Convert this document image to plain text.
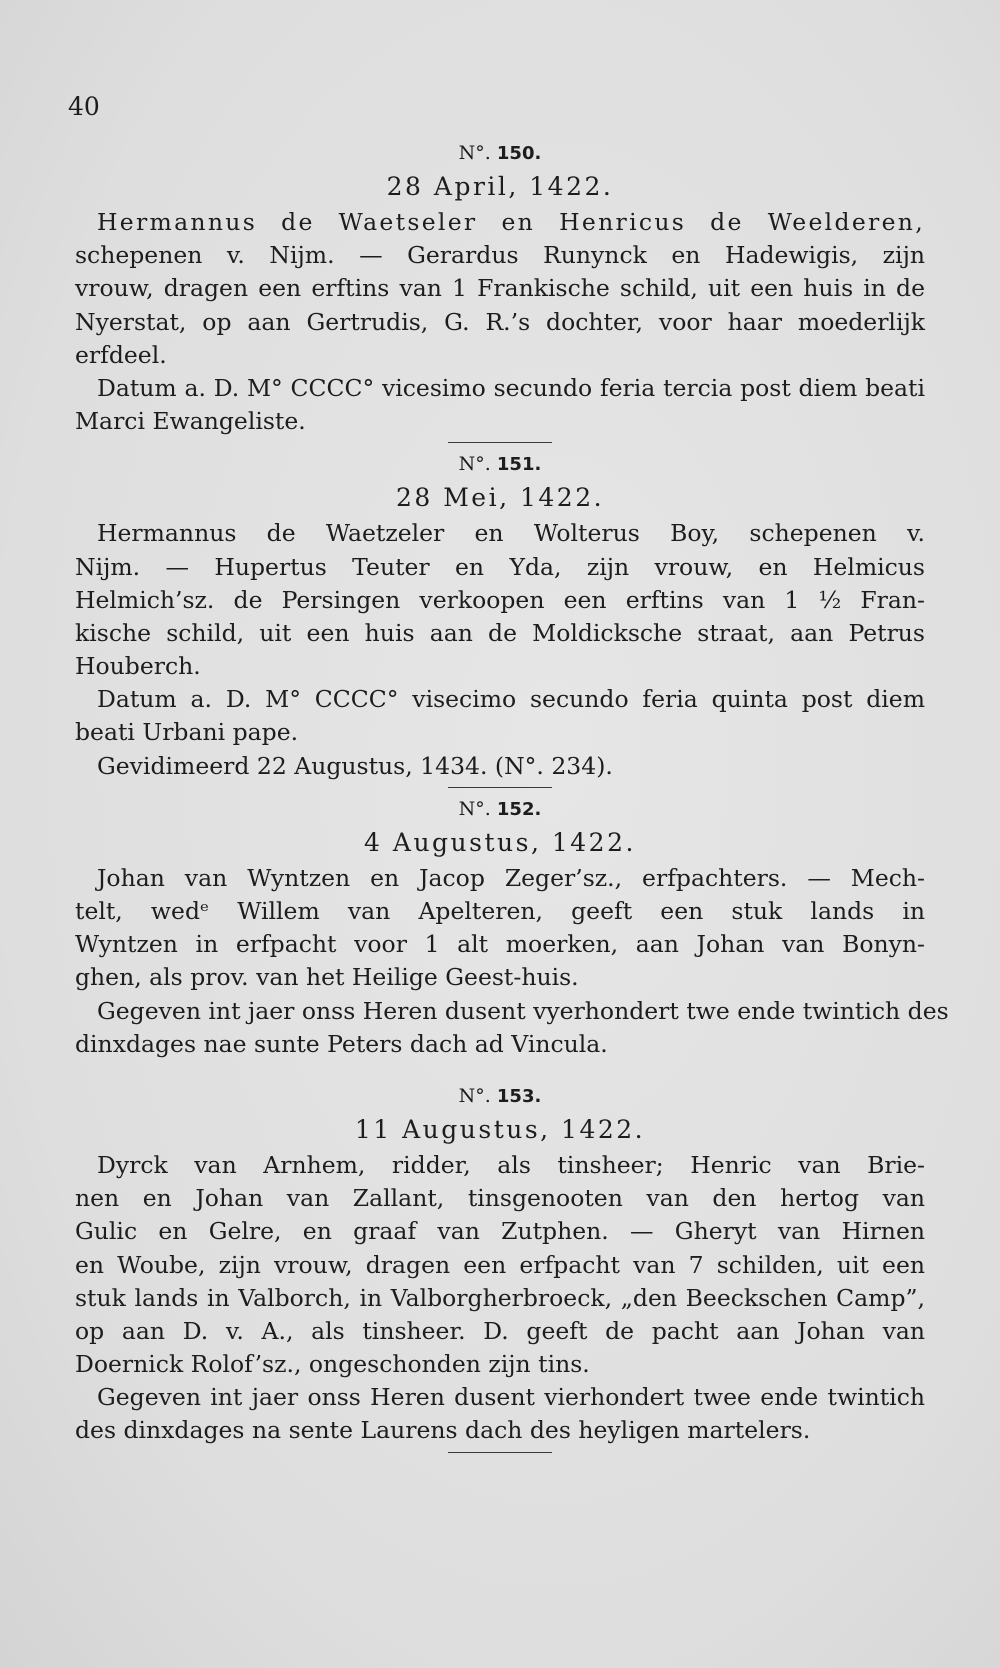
40
N°. 150.
28 April, 1422.
Hermannus de Waetseler en Henricus de Weelderen,
schepenen v. Nijm. — Gerardus Runynck en Hadewigis, zijn
vrouw, dragen een erftins van 1 Frankische schild, uit een huis in de
Nyerstat, op aan Gertrudis, G. R.’s dochter, voor haar moederlijk
erfdeel.
Datum a. D. M° CCCC° vicesimo secundo feria tercia post diem beati
Marci Ewangeliste.
N°. 151.
28 Mei, 1422.
Hermannus de Waetzeler en Wolterus Boy, schepenen v.
Nijm. — Hupertus Teuter en Yda, zijn vrouw, en Helmicus
Helmich’sz. de Persingen verkoopen een erftins van 1 ½ Fran-
kische schild, uit een huis aan de Moldicksche straat, aan Petrus
Houberch.
Datum a. D. M° CCCC° visecimo secundo feria quinta post diem
beati Urbani pape.
Gevidimeerd 22 Augustus, 1434. (N°. 234).
N°. 152.
4 Augustus, 1422.
Johan van Wyntzen en Jacop Zeger’sz., erfpachters. — Mech-
telt, wedᵉ Willem van Apelteren, geeft een stuk lands in
Wyntzen in erfpacht voor 1 alt moerken, aan Johan van Bonyn-
ghen, als prov. van het Heilige Geest-huis.
Gegeven int jaer onss Heren dusent vyerhondert twe ende twintich des
dinxdages nae sunte Peters dach ad Vincula.
N°. 153.
11 Augustus, 1422.
Dyrck van Arnhem, ridder, als tinsheer; Henric van Brie-
nen en Johan van Zallant, tinsgenooten van den hertog van
Gulic en Gelre, en graaf van Zutphen. — Gheryt van Hirnen
en Woube, zijn vrouw, dragen een erfpacht van 7 schilden, uit een
stuk lands in Valborch, in Valborgherbroeck, „den Beeckschen Camp”,
op aan D. v. A., als tinsheer. D. geeft de pacht aan Johan van
Doernick Rolof’sz., ongeschonden zijn tins.
Gegeven int jaer onss Heren dusent vierhondert twee ende twintich
des dinxdages na sente Laurens dach des heyligen martelers.
